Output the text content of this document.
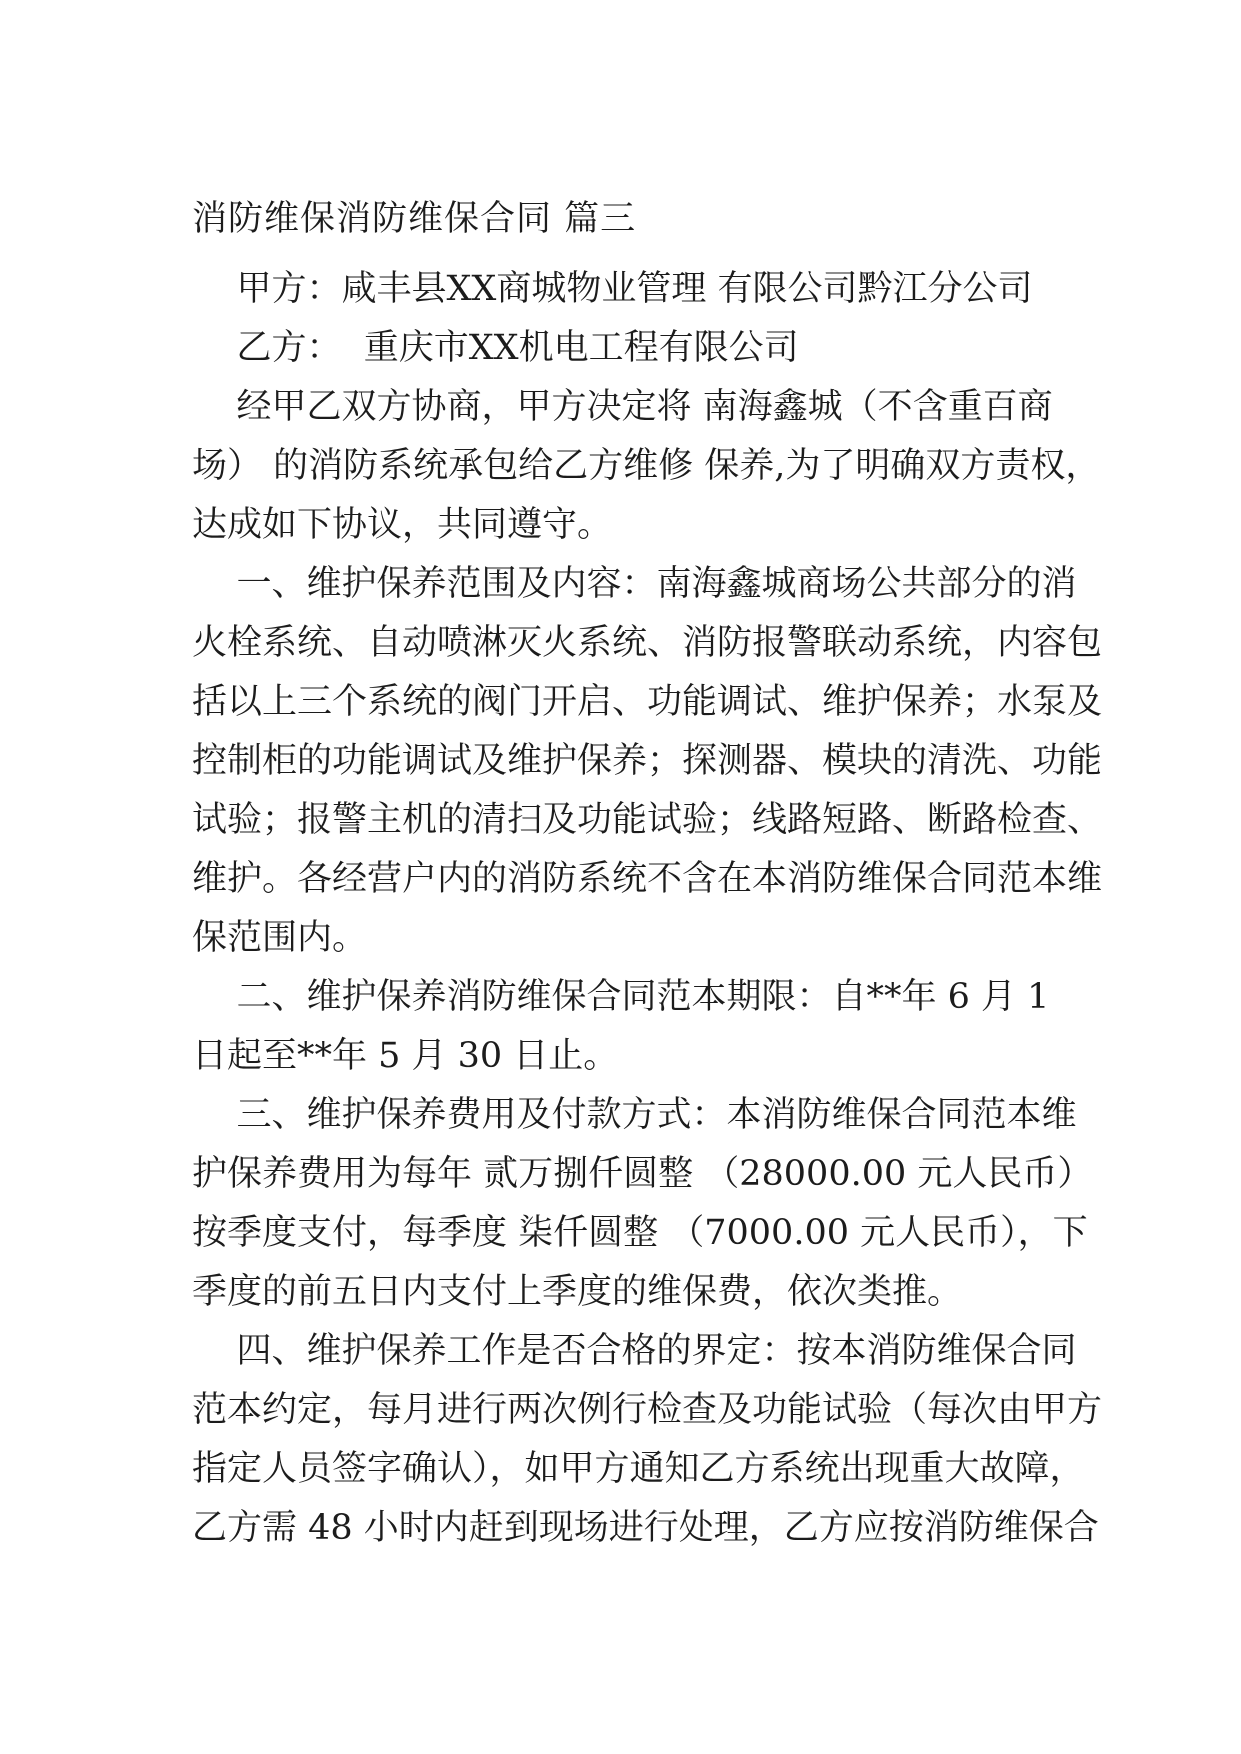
消防维保消防维保合同 篇三
甲方：咸丰县XX商城物业管理 有限公司黔江分公司
乙方：  重庆市XX机电工程有限公司
经甲乙双方协商，甲方决定将 南海鑫城（不含重百商
场） 的消防系统承包给乙方维修 保养,为了明确双方责权，
达成如下协议，共同遵守。
一、维护保养范围及内容：南海鑫城商场公共部分的消
火栓系统、自动喷淋灭火系统、消防报警联动系统，内容包
括以上三个系统的阀门开启、功能调试、维护保养；水泵及
控制柜的功能调试及维护保养；探测器、模块的清洗、功能
试验；报警主机的清扫及功能试验；线路短路、断路检查、
维护。各经营户内的消防系统不含在本消防维保合同范本维
保范围内。
二、维护保养消防维保合同范本期限：自**年 6 月 1
日起至**年 5 月 30 日止。
三、维护保养费用及付款方式：本消防维保合同范本维
护保养费用为每年 贰万捌仟圆整 （28000.00 元人民币）
按季度支付，每季度 柒仟圆整 （7000.00 元人民币），下
季度的前五日内支付上季度的维保费，依次类推。
四、维护保养工作是否合格的界定：按本消防维保合同
范本约定，每月进行两次例行检查及功能试验（每次由甲方
指定人员签字确认），如甲方通知乙方系统出现重大故障，
乙方需 48 小时内赶到现场进行处理，乙方应按消防维保合
